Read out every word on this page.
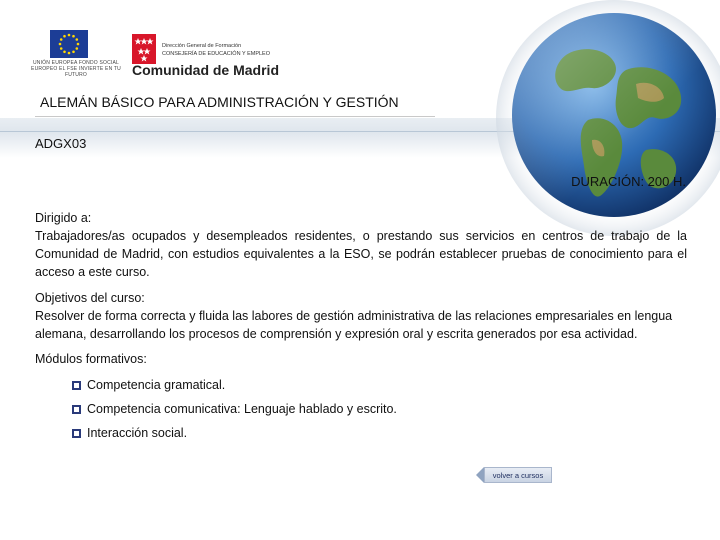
UNIÓN EUROPEA FONDO SOCIAL EUROPEO EL FSE INVIERTE EN TU FUTURO
Dirección General de Formación
CONSEJERÍA DE EDUCACIÓN Y EMPLEO
Comunidad de Madrid
ALEMÁN BÁSICO PARA ADMINISTRACIÓN Y GESTIÓN
ADGX03
DURACIÓN: 200 H.

Dirigido a:

Trabajadores/as ocupados y desempleados residentes, o prestando sus servicios en centros de trabajo de la Comunidad de Madrid, con estudios equivalentes a la ESO, se podrán establecer pruebas de conocimiento para el acceso a este curso.

Objetivos del curso:

Resolver de forma correcta y fluida las labores de gestión administrativa de las relaciones empresariales en lengua alemana, desarrollando los procesos de comprensión y expresión oral y escrita generados por esa actividad.

Módulos formativos:

Competencia gramatical.
Competencia comunicativa: Lenguaje hablado y escrito.
Interacción social.
volver a cursos
